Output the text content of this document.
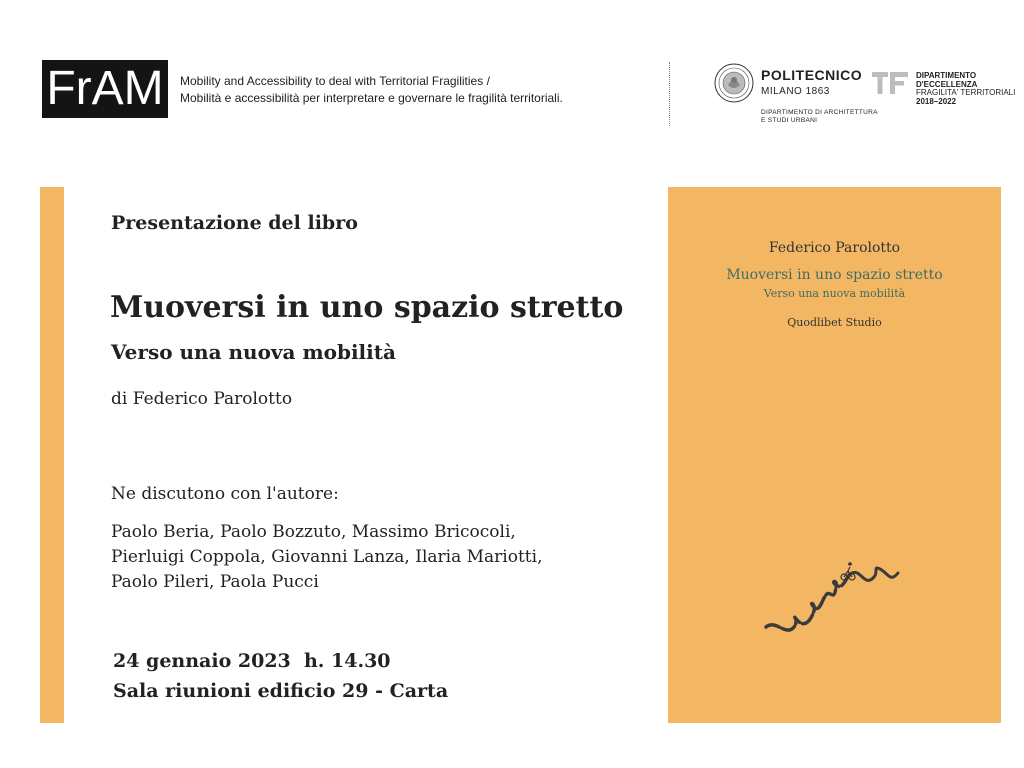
FrAM	Mobility and Accessibility to deal with Territorial Fragilities /
Mobilità e accessibilità per interpretare e governare le fragilità territoriali.
POLITECNICO
MILANO 1863
DIPARTIMENTO DI ARCHITETTURA
E STUDI URBANI
DIPARTIMENTO
D'ECCELLENZA
FRAGILITA' TERRITORIALI
2018–2022
Presentazione del libro
Muoversi in uno spazio stretto
Verso una nuova mobilità
di Federico Parolotto
Ne discutono con l'autore:
Paolo Beria, Paolo Bozzuto, Massimo Bricocoli,
Pierluigi Coppola, Giovanni Lanza, Ilaria Mariotti,
Paolo Pileri, Paola Pucci
24 gennaio 2023  h. 14.30
Sala riunioni edificio 29 - Carta
Federico Parolotto
Muoversi in uno spazio stretto
Verso una nuova mobilità
Quodlibet Studio
